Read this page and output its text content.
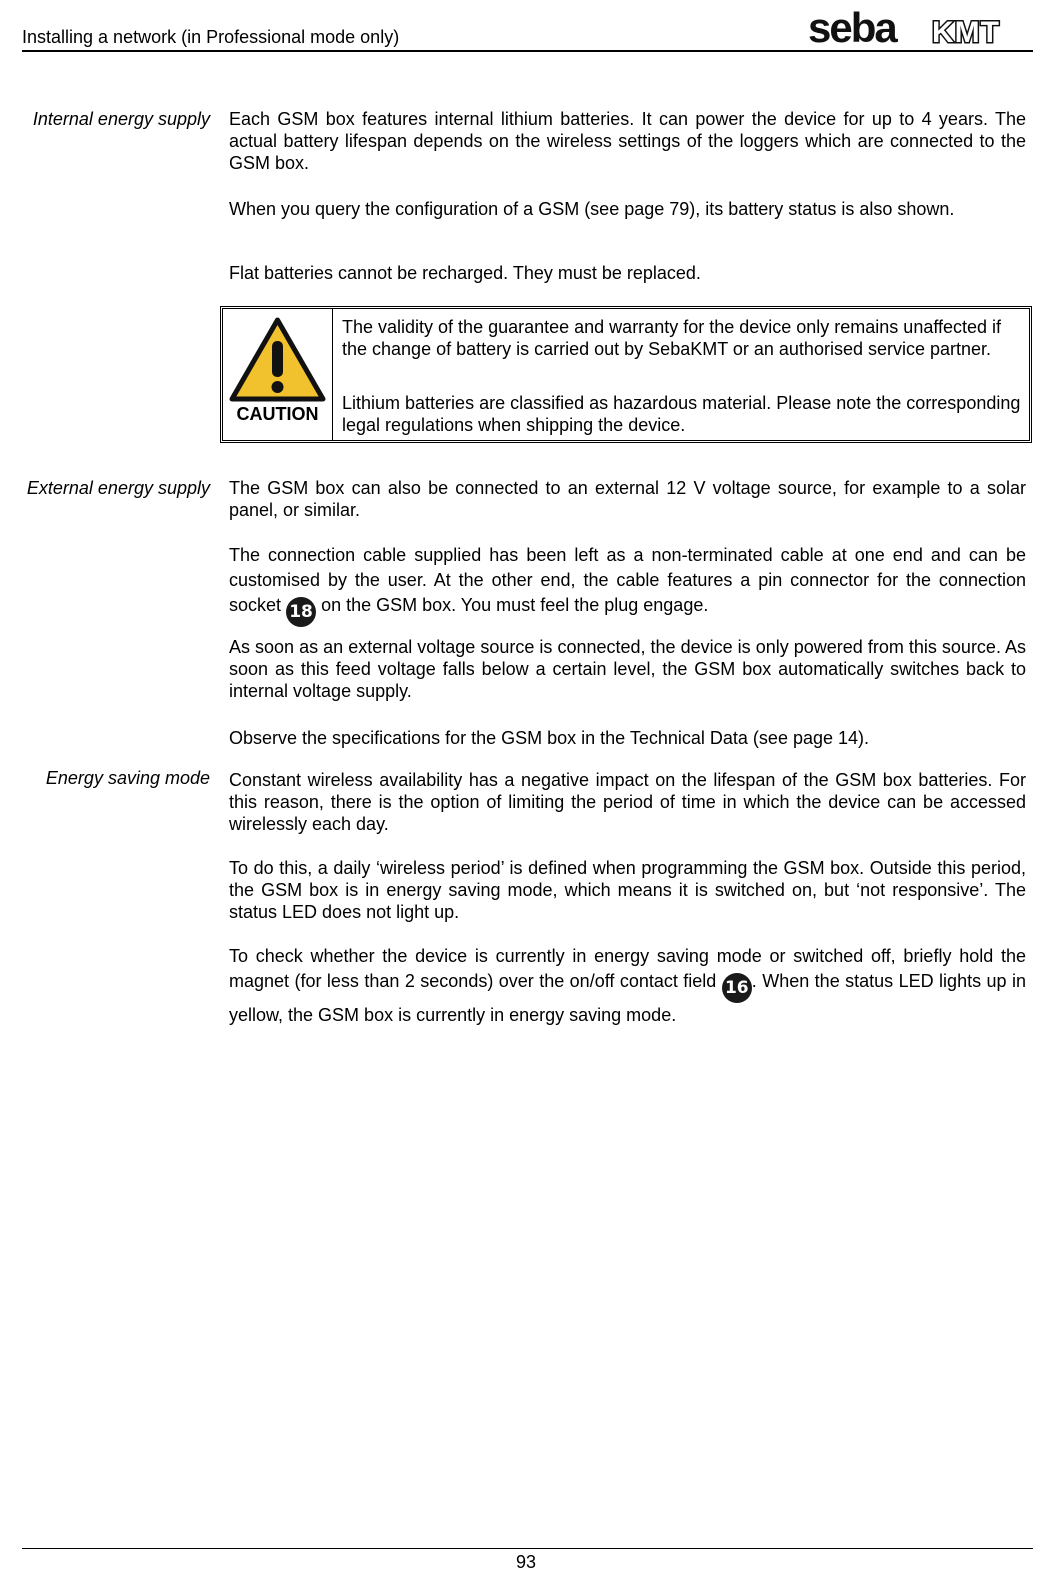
Installing a network (in Professional mode only)	seba KMT
Internal energy supply Each GSM box features internal lithium batteries. It can power the device for up to 4 years. The actual battery lifespan depends on the wireless settings of the loggers which are connected to the GSM box.
When you query the configuration of a GSM (see page 79), its battery status is also shown.
Flat batteries cannot be recharged. They must be replaced.
CAUTION
The validity of the guarantee and warranty for the device only remains unaffected if the change of battery is carried out by SebaKMT or an authorised service partner.
Lithium batteries are classified as hazardous material. Please note the corresponding legal regulations when shipping the device.
External energy supply The GSM box can also be connected to an external 12 V voltage source, for example to a solar panel, or similar.
The connection cable supplied has been left as a non-terminated cable at one end and can be customised by the user. At the other end, the cable features a pin connector for the connection socket 18 on the GSM box. You must feel the plug engage.
As soon as an external voltage source is connected, the device is only powered from this source. As soon as this feed voltage falls below a certain level, the GSM box automatically switches back to internal voltage supply.
Observe the specifications for the GSM box in the Technical Data (see page 14).
Energy saving mode Constant wireless availability has a negative impact on the lifespan of the GSM box batteries. For this reason, there is the option of limiting the period of time in which the device can be accessed wirelessly each day.
To do this, a daily ‘wireless period’ is defined when programming the GSM box. Outside this period, the GSM box is in energy saving mode, which means it is switched on, but ‘not responsive’. The status LED does not light up.
To check whether the device is currently in energy saving mode or switched off, briefly hold the magnet (for less than 2 seconds) over the on/off contact field 16 . When the status LED lights up in yellow, the GSM box is currently in energy saving mode.
93
